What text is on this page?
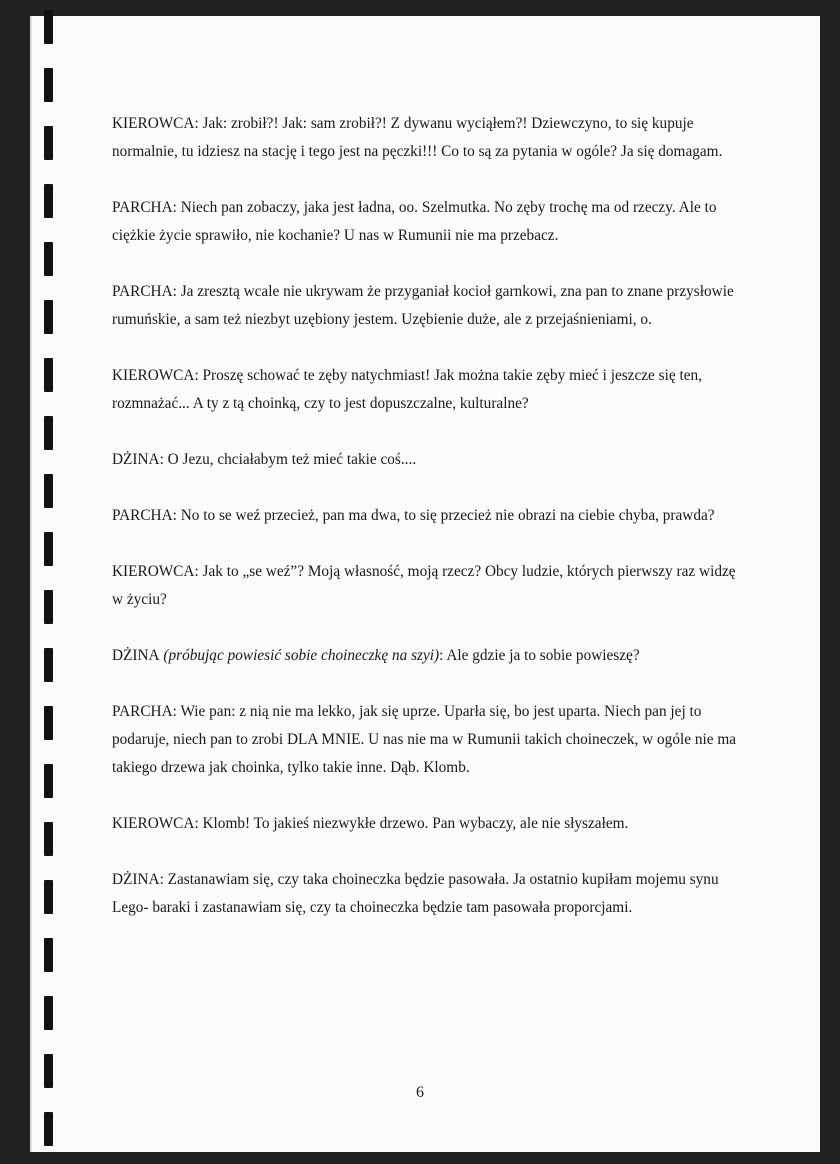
KIEROWCA: Jak: zrobił?! Jak: sam zrobił?! Z dywanu wyciąłem?! Dziewczyno, to się kupuje normalnie, tu idziesz na stację i tego jest na pęczki!!! Co to są za pytania w ogóle? Ja się domagam.

PARCHA: Niech pan zobaczy, jaka jest ładna, oo. Szelmutka. No zęby trochę ma od rzeczy. Ale to ciężkie życie sprawiło, nie kochanie? U nas w Rumunii nie ma przebacz.

PARCHA: Ja zresztą wcale nie ukrywam że przyganiał kocioł garnkowi, zna pan to znane przysłowie rumuńskie, a sam też niezbyt uzębiony jestem. Uzębienie duże, ale z przejaśnieniami, o.

KIEROWCA: Proszę schować te zęby natychmiast! Jak można takie zęby mieć i jeszcze się ten, rozmnażać... A ty z tą choinką, czy to jest dopuszczalne, kulturalne?

DŻINA: O Jezu, chciałabym też mieć takie coś....

PARCHA: No to se weź przecież, pan ma dwa, to się przecież nie obrazi na ciebie chyba, prawda?

KIEROWCA: Jak to „se weź”? Moją własność, moją rzecz? Obcy ludzie, których pierwszy raz widzę w życiu?

DŻINA (próbując powiesić sobie choineczkę na szyi): Ale gdzie ja to sobie powieszę?

PARCHA: Wie pan: z nią nie ma lekko, jak się uprze. Uparła się, bo jest uparta. Niech pan jej to podaruje, niech pan to zrobi DLA MNIE. U nas nie ma w Rumunii takich choineczek, w ogóle nie ma takiego drzewa jak choinka, tylko takie inne. Dąb. Klomb.

KIEROWCA: Klomb! To jakieś niezwykłe drzewo. Pan wybaczy, ale nie słyszałem.

DŻINA: Zastanawiam się, czy taka choineczka będzie pasowała. Ja ostatnio kupiłam mojemu synu Lego- baraki i zastanawiam się, czy ta choineczka będzie tam pasowała proporcjami.

6
